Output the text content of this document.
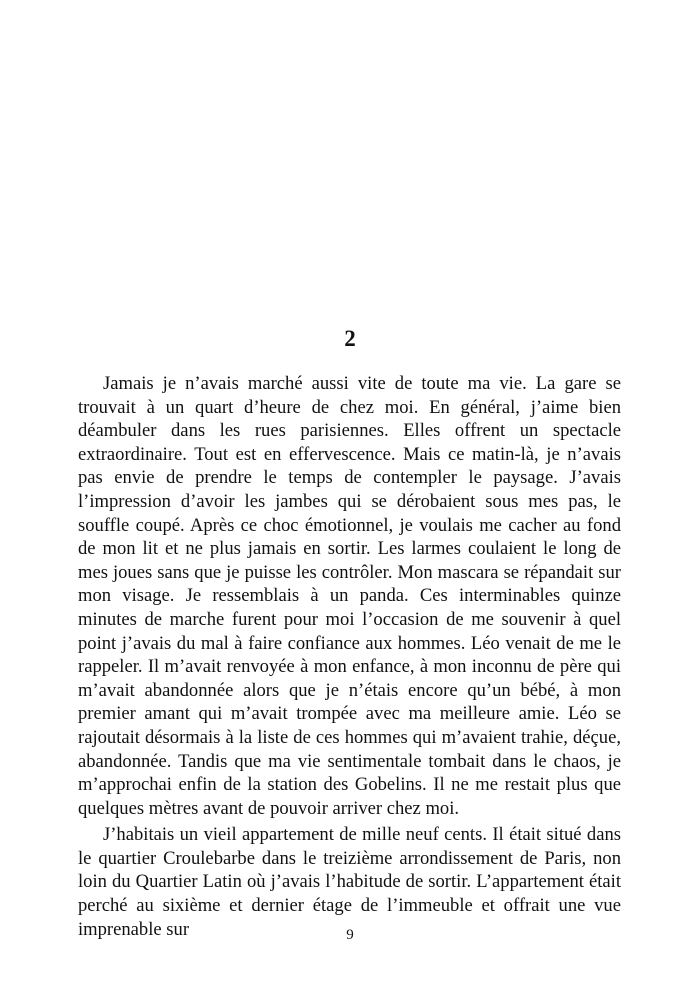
2

Jamais je n’avais marché aussi vite de toute ma vie. La gare se trouvait à un quart d’heure de chez moi. En général, j’aime bien déambuler dans les rues parisiennes. Elles offrent un spectacle extraordinaire. Tout est en effervescence. Mais ce matin-là, je n’avais pas envie de prendre le temps de contempler le paysage. J’avais l’impression d’avoir les jambes qui se dérobaient sous mes pas, le souffle coupé. Après ce choc émotionnel, je voulais me cacher au fond de mon lit et ne plus jamais en sortir. Les larmes coulaient le long de mes joues sans que je puisse les contrôler. Mon mascara se répandait sur mon visage. Je ressemblais à un panda. Ces interminables quinze minutes de marche furent pour moi l’occasion de me souvenir à quel point j’avais du mal à faire confiance aux hommes. Léo venait de me le rappeler. Il m’avait renvoyée à mon enfance, à mon inconnu de père qui m’avait abandonnée alors que je n’étais encore qu’un bébé, à mon premier amant qui m’avait trompée avec ma meilleure amie. Léo se rajoutait désormais à la liste de ces hommes qui m’avaient trahie, déçue, abandonnée. Tandis que ma vie sentimentale tombait dans le chaos, je m’approchai enfin de la station des Gobelins. Il ne me restait plus que quelques mètres avant de pouvoir arriver chez moi.

J’habitais un vieil appartement de mille neuf cents. Il était situé dans le quartier Croulebarbe dans le treizième arrondissement de Paris, non loin du Quartier Latin où j’avais l’habitude de sortir. L’appartement était perché au sixième et dernier étage de l’immeuble et offrait une vue imprenable sur	9
